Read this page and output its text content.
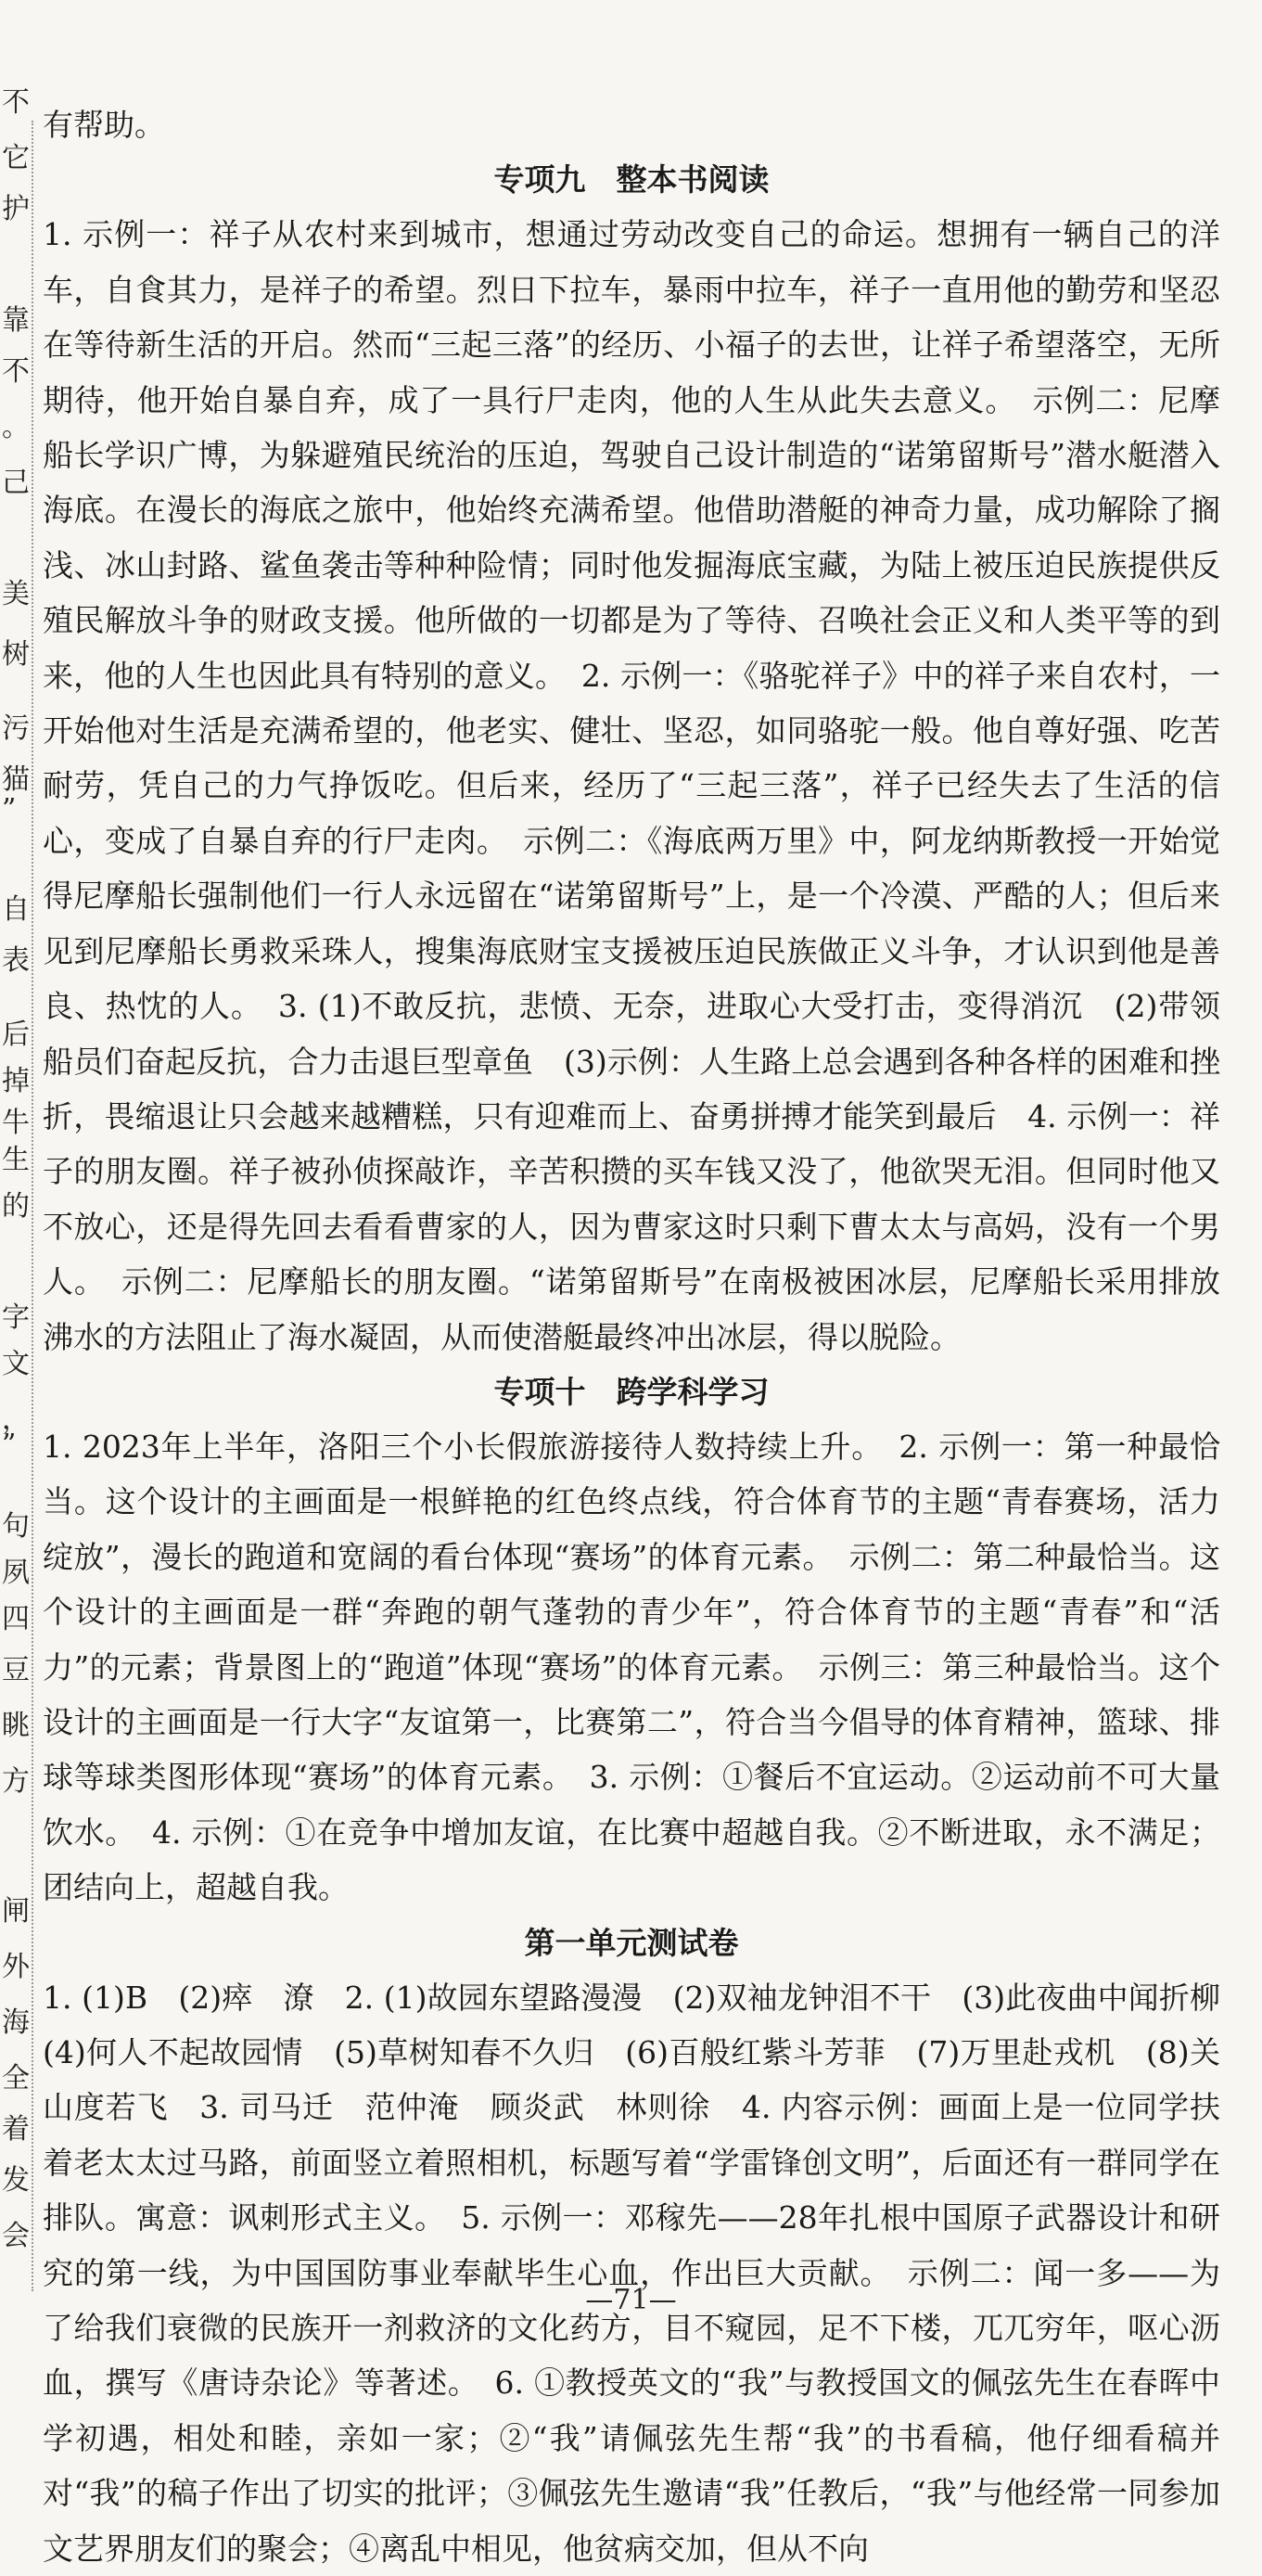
不
它
护
靠
不
。
己
美
树
污
猫
”
自
表
后
掉
牛
生
的
字
文
，
”
句
夙
四
豆
眺
方
闸
外
海
全
着
发
会

有帮助。

专项九　整本书阅读

1. 示例一：祥子从农村来到城市，想通过劳动改变自己的命运。想拥有一辆自己的洋车，自食其力，是祥子的希望。烈日下拉车，暴雨中拉车，祥子一直用他的勤劳和坚忍在等待新生活的开启。然而“三起三落”的经历、小福子的去世，让祥子希望落空，无所期待，他开始自暴自弃，成了一具行尸走肉，他的人生从此失去意义。　示例二：尼摩船长学识广博，为躲避殖民统治的压迫，驾驶自己设计制造的“诺第留斯号”潜水艇潜入海底。在漫长的海底之旅中，他始终充满希望。他借助潜艇的神奇力量，成功解除了搁浅、冰山封路、鲨鱼袭击等种种险情；同时他发掘海底宝藏，为陆上被压迫民族提供反殖民解放斗争的财政支援。他所做的一切都是为了等待、召唤社会正义和人类平等的到来，他的人生也因此具有特别的意义。　2. 示例一：《骆驼祥子》中的祥子来自农村，一开始他对生活是充满希望的，他老实、健壮、坚忍，如同骆驼一般。他自尊好强、吃苦耐劳，凭自己的力气挣饭吃。但后来，经历了“三起三落”，祥子已经失去了生活的信心，变成了自暴自弃的行尸走肉。　示例二：《海底两万里》中，阿龙纳斯教授一开始觉得尼摩船长强制他们一行人永远留在“诺第留斯号”上，是一个冷漠、严酷的人；但后来见到尼摩船长勇救采珠人，搜集海底财宝支援被压迫民族做正义斗争，才认识到他是善良、热忱的人。　3. (1)不敢反抗，悲愤、无奈，进取心大受打击，变得消沉　(2)带领船员们奋起反抗，合力击退巨型章鱼　(3)示例：人生路上总会遇到各种各样的困难和挫折，畏缩退让只会越来越糟糕，只有迎难而上、奋勇拼搏才能笑到最后　4. 示例一：祥子的朋友圈。祥子被孙侦探敲诈，辛苦积攒的买车钱又没了，他欲哭无泪。但同时他又不放心，还是得先回去看看曹家的人，因为曹家这时只剩下曹太太与高妈，没有一个男人。　示例二：尼摩船长的朋友圈。“诺第留斯号”在南极被困冰层，尼摩船长采用排放沸水的方法阻止了海水凝固，从而使潜艇最终冲出冰层，得以脱险。

专项十　跨学科学习

1. 2023年上半年，洛阳三个小长假旅游接待人数持续上升。　2. 示例一：第一种最恰当。这个设计的主画面是一根鲜艳的红色终点线，符合体育节的主题“青春赛场，活力绽放”，漫长的跑道和宽阔的看台体现“赛场”的体育元素。　示例二：第二种最恰当。这个设计的主画面是一群“奔跑的朝气蓬勃的青少年”，符合体育节的主题“青春”和“活力”的元素；背景图上的“跑道”体现“赛场”的体育元素。　示例三：第三种最恰当。这个设计的主画面是一行大字“友谊第一，比赛第二”，符合当今倡导的体育精神，篮球、排球等球类图形体现“赛场”的体育元素。　3. 示例：①餐后不宜运动。②运动前不可大量饮水。　4. 示例：①在竞争中增加友谊，在比赛中超越自我。②不断进取，永不满足；团结向上，超越自我。

第一单元测试卷

1. (1)B　(2)瘁　潦　2. (1)故园东望路漫漫　(2)双袖龙钟泪不干　(3)此夜曲中闻折柳　(4)何人不起故园情　(5)草树知春不久归　(6)百般红紫斗芳菲　(7)万里赴戎机　(8)关山度若飞　3. 司马迁　范仲淹　顾炎武　林则徐　4. 内容示例：画面上是一位同学扶着老太太过马路，前面竖立着照相机，标题写着“学雷锋创文明”，后面还有一群同学在排队。寓意：讽刺形式主义。　5. 示例一：邓稼先——28年扎根中国原子武器设计和研究的第一线，为中国国防事业奉献毕生心血，作出巨大贡献。　示例二：闻一多——为了给我们衰微的民族开一剂救济的文化药方，目不窥园，足不下楼，兀兀穷年，呕心沥血，撰写《唐诗杂论》等著述。　6. ①教授英文的“我”与教授国文的佩弦先生在春晖中学初遇，相处和睦，亲如一家；②“我”请佩弦先生帮“我”的书看稿，他仔细看稿并对“我”的稿子作出了切实的批评；③佩弦先生邀请“我”任教后，“我”与他经常一同参加文艺界朋友们的聚会；④离乱中相见，他贫病交加，但从不向

—71—
